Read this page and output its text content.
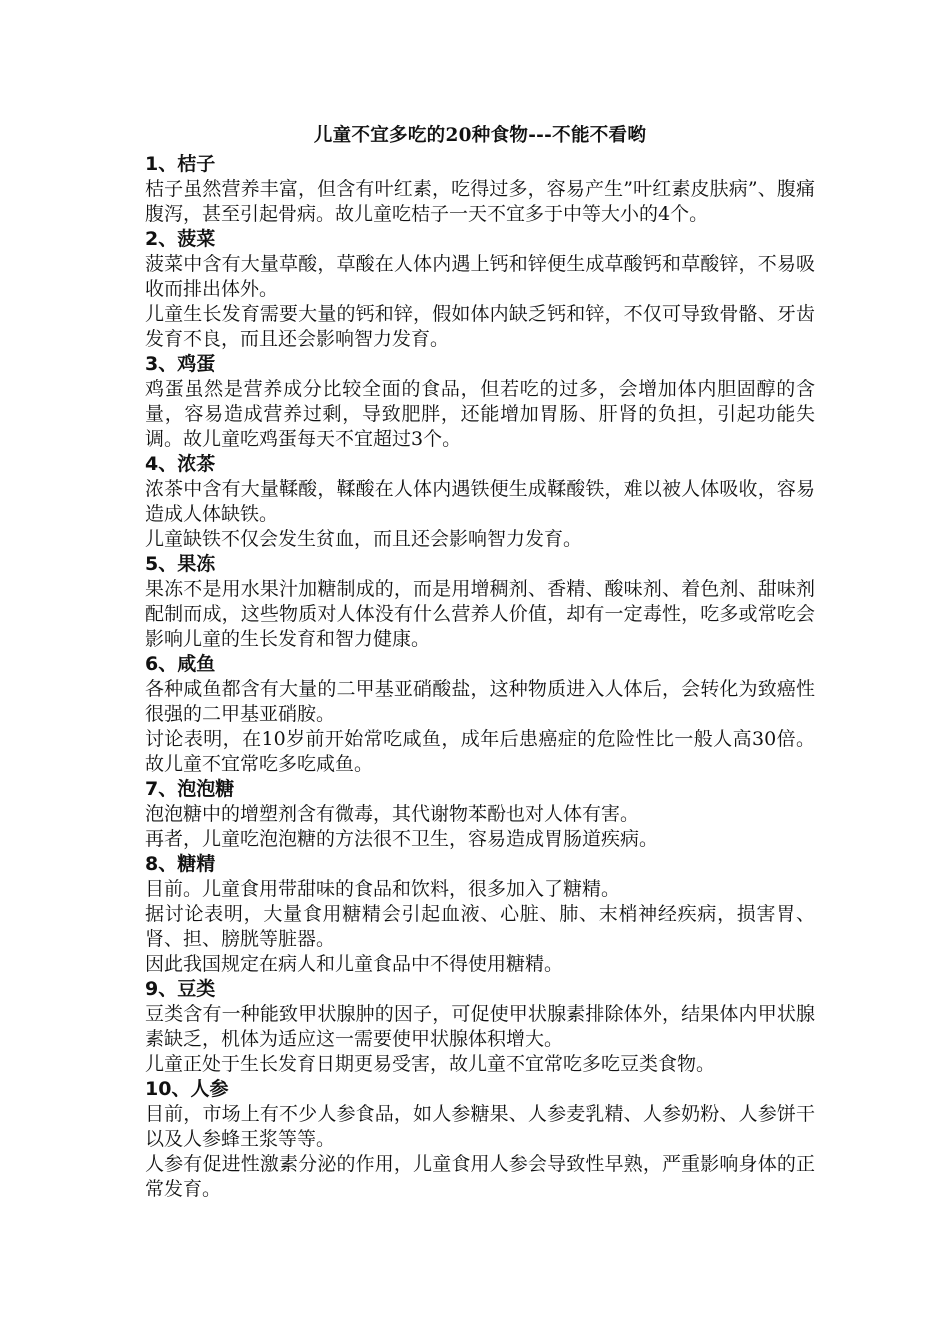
儿童不宜多吃的20种食物---不能不看哟
1、桔子

桔子虽然营养丰富，但含有叶红素，吃得过多，容易产生”叶红素皮肤病”、腹痛腹泻，甚至引起骨病。故儿童吃桔子一天不宜多于中等大小的4个。

2、菠菜

菠菜中含有大量草酸，草酸在人体内遇上钙和锌便生成草酸钙和草酸锌，不易吸收而排出体外。

儿童生长发育需要大量的钙和锌，假如体内缺乏钙和锌，不仅可导致骨骼、牙齿发育不良，而且还会影响智力发育。

3、鸡蛋

鸡蛋虽然是营养成分比较全面的食品，但若吃的过多，会增加体内胆固醇的含量，容易造成营养过剩，导致肥胖，还能增加胃肠、肝肾的负担，引起功能失调。故儿童吃鸡蛋每天不宜超过3个。

4、浓茶

浓茶中含有大量鞣酸，鞣酸在人体内遇铁便生成鞣酸铁，难以被人体吸收，容易造成人体缺铁。

儿童缺铁不仅会发生贫血，而且还会影响智力发育。

5、果冻

果冻不是用水果汁加糖制成的，而是用增稠剂、香精、酸味剂、着色剂、甜味剂配制而成，这些物质对人体没有什么营养人价值，却有一定毒性，吃多或常吃会影响儿童的生长发育和智力健康。

6、咸鱼

各种咸鱼都含有大量的二甲基亚硝酸盐，这种物质进入人体后，会转化为致癌性很强的二甲基亚硝胺。

讨论表明，在10岁前开始常吃咸鱼，成年后患癌症的危险性比一般人高30倍。 故儿童不宜常吃多吃咸鱼。

7、泡泡糖

泡泡糖中的增塑剂含有微毒，其代谢物苯酚也对人体有害。

再者，儿童吃泡泡糖的方法很不卫生，容易造成胃肠道疾病。

8、糖精

目前。儿童食用带甜味的食品和饮料，很多加入了糖精。

据讨论表明，大量食用糖精会引起血液、心脏、肺、末梢神经疾病，损害胃、肾、担、膀胱等脏器。

因此我国规定在病人和儿童食品中不得使用糖精。

9、豆类

豆类含有一种能致甲状腺肿的因子，可促使甲状腺素排除体外，结果体内甲状腺素缺乏，机体为适应这一需要使甲状腺体积增大。

儿童正处于生长发育日期更易受害，故儿童不宜常吃多吃豆类食物。

10、人参

目前，市场上有不少人参食品，如人参糖果、人参麦乳精、人参奶粉、人参饼干以及人参蜂王浆等等。

人参有促进性激素分泌的作用，儿童食用人参会导致性早熟，严重影响身体的正常发育。
